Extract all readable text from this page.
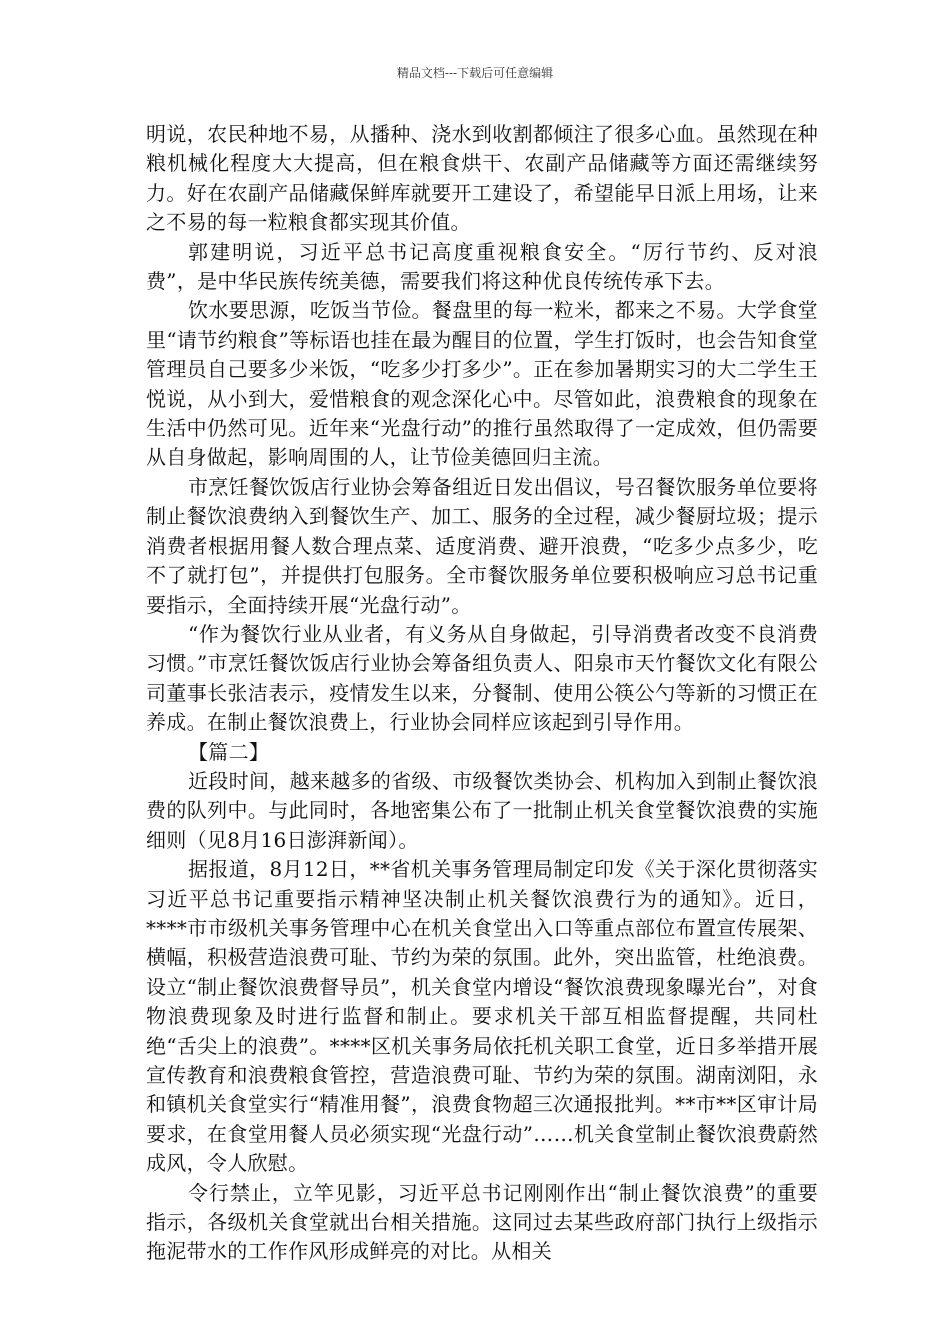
精品文档---下载后可任意编辑

明说，农民种地不易，从播种、浇水到收割都倾注了很多心血。虽然现在种粮机械化程度大大提高，但在粮食烘干、农副产品储藏等方面还需继续努力。好在农副产品储藏保鲜库就要开工建设了，希望能早日派上用场，让来之不易的每一粒粮食都实现其价值。

郭建明说，习近平总书记高度重视粮食安全。“厉行节约、反对浪费”，是中华民族传统美德，需要我们将这种优良传统传承下去。

饮水要思源，吃饭当节俭。餐盘里的每一粒米，都来之不易。大学食堂里“请节约粮食”等标语也挂在最为醒目的位置，学生打饭时，也会告知食堂管理员自己要多少米饭，“吃多少打多少”。正在参加暑期实习的大二学生王悦说，从小到大，爱惜粮食的观念深化心中。尽管如此，浪费粮食的现象在生活中仍然可见。近年来“光盘行动”的推行虽然取得了一定成效，但仍需要从自身做起，影响周围的人，让节俭美德回归主流。

市烹饪餐饮饭店行业协会筹备组近日发出倡议，号召餐饮服务单位要将制止餐饮浪费纳入到餐饮生产、加工、服务的全过程，减少餐厨垃圾；提示消费者根据用餐人数合理点菜、适度消费、避开浪费，“吃多少点多少，吃不了就打包”，并提供打包服务。全市餐饮服务单位要积极响应习总书记重要指示，全面持续开展“光盘行动”。

“作为餐饮行业从业者，有义务从自身做起，引导消费者改变不良消费习惯。”市烹饪餐饮饭店行业协会筹备组负责人、阳泉市天竹餐饮文化有限公司董事长张洁表示，疫情发生以来，分餐制、使用公筷公勺等新的习惯正在养成。在制止餐饮浪费上，行业协会同样应该起到引导作用。

【篇二】

近段时间，越来越多的省级、市级餐饮类协会、机构加入到制止餐饮浪费的队列中。与此同时，各地密集公布了一批制止机关食堂餐饮浪费的实施细则（见8月16日澎湃新闻）。

据报道，8月12日，**省机关事务管理局制定印发《关于深化贯彻落实习近平总书记重要指示精神坚决制止机关餐饮浪费行为的通知》。近日，****市市级机关事务管理中心在机关食堂出入口等重点部位布置宣传展架、横幅，积极营造浪费可耻、节约为荣的氛围。此外，突出监管，杜绝浪费。设立“制止餐饮浪费督导员”，机关食堂内增设“餐饮浪费现象曝光台”，对食物浪费现象及时进行监督和制止。要求机关干部互相监督提醒，共同杜绝“舌尖上的浪费”。****区机关事务局依托机关职工食堂，近日多举措开展宣传教育和浪费粮食管控，营造浪费可耻、节约为荣的氛围。湖南浏阳，永和镇机关食堂实行“精准用餐”，浪费食物超三次通报批判。**市**区审计局要求，在食堂用餐人员必须实现“光盘行动”……机关食堂制止餐饮浪费蔚然成风，令人欣慰。

令行禁止，立竿见影，习近平总书记刚刚作出“制止餐饮浪费”的重要指示，各级机关食堂就出台相关措施。这同过去某些政府部门执行上级指示拖泥带水的工作作风形成鲜亮的对比。从相关
